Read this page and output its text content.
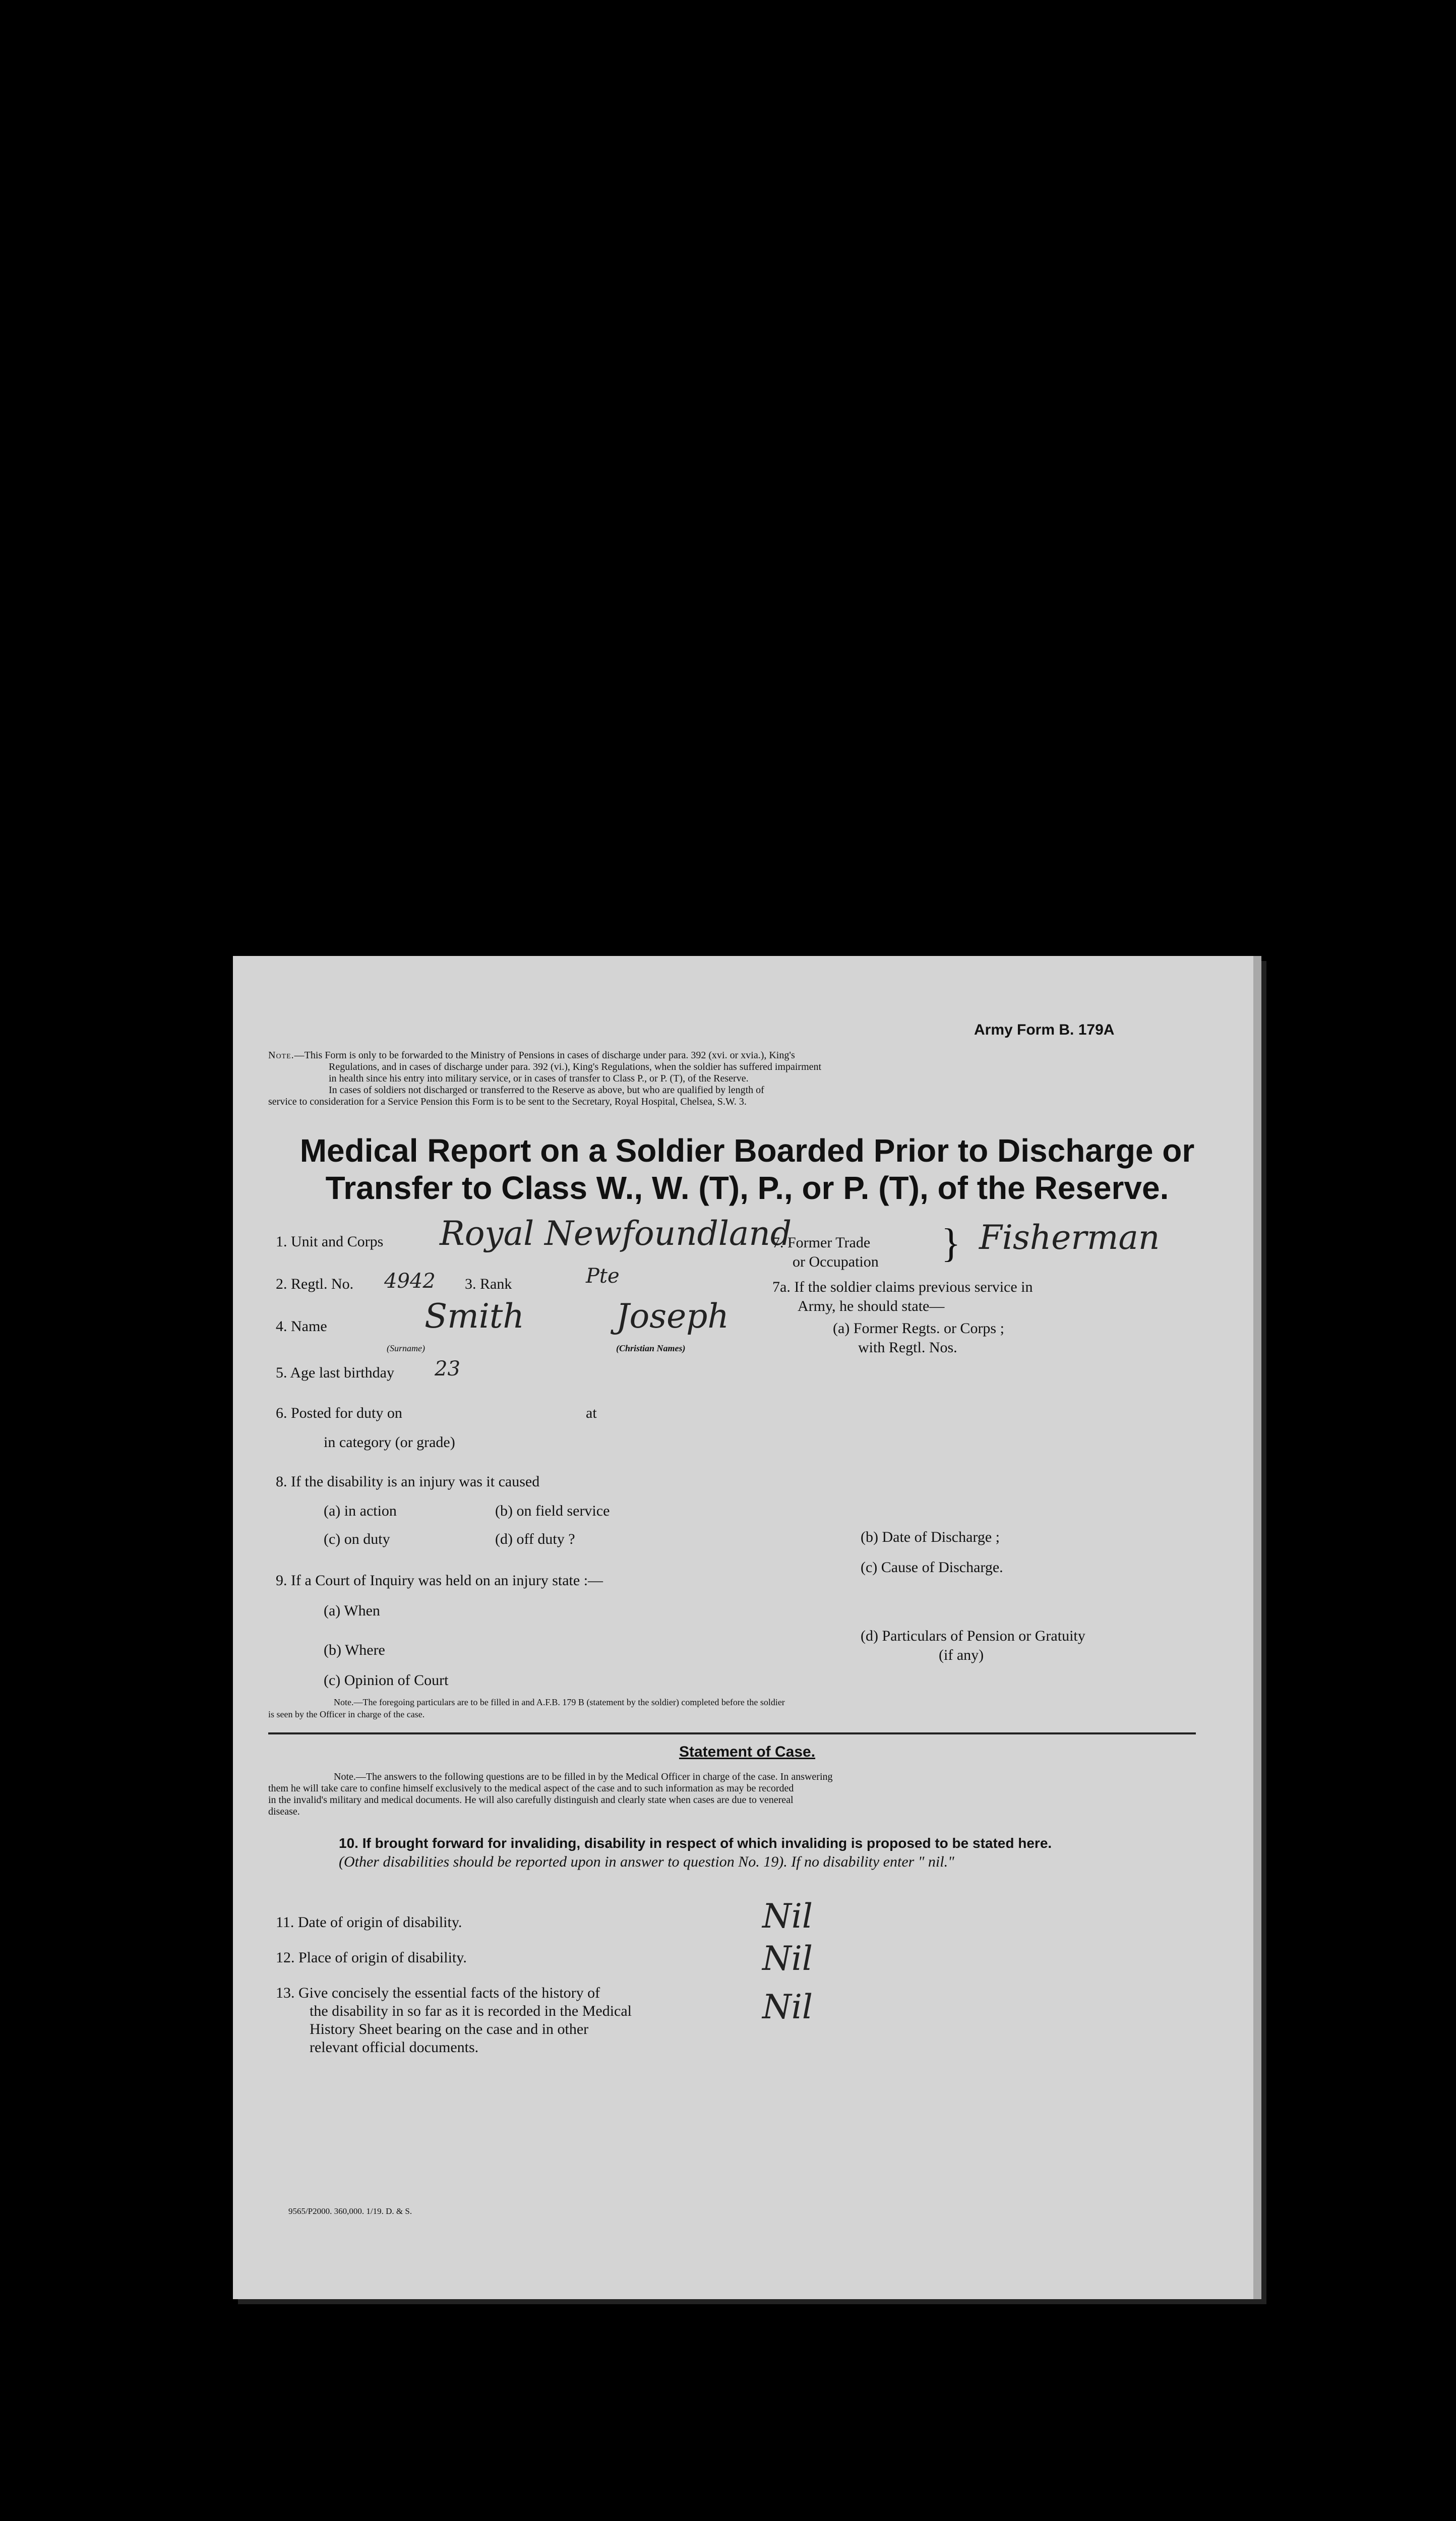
Army Form B. 179A

Note.—This Form is only to be forwarded to the Ministry of Pensions in cases of discharge under para. 392 (xvi. or xvia.), King's

Regulations, and in cases of discharge under para. 392 (vi.), King's Regulations, when the soldier has suffered impairment

in health since his entry into military service, or in cases of transfer to Class P., or P. (T), of the Reserve.

In cases of soldiers not discharged or transferred to the Reserve as above, but who are qualified by length of

service to consideration for a Service Pension this Form is to be sent to the Secretary, Royal Hospital, Chelsea, S.W. 3.

Medical Report on a Soldier Boarded Prior to Discharge or
Transfer to Class W., W. (T), P., or P. (T), of the Reserve.
1. Unit and Corps Royal Newfoundland
2. Regtl. No. 4942 3. Rank	Pte
4. Name	Smith	Joseph
(Surname)	(Christian Names)
5. Age last birthday 23
6. Posted for duty on	at
in category (or grade)
8. If the disability is an injury was it caused
(a) in action	(b) on field service
(c) on duty	(d) off duty ?
9. If a Court of Inquiry was held on an injury state :—
(a) When
(b) Where
(c) Opinion of Court
7. Former Trade
or Occupation } Fisherman
7a. If the soldier claims previous service in
Army, he should state—
(a) Former Regts. or Corps ;
with Regtl. Nos.
(b) Date of Discharge ;
(c) Cause of Discharge.
(d) Particulars of Pension or Gratuity
(if any)
Note.—The foregoing particulars are to be filled in and A.F.B. 179 B (statement by the soldier) completed before the soldier
is seen by the Officer in charge of the case.
Statement of Case.
Note.—The answers to the following questions are to be filled in by the Medical Officer in charge of the case. In answering
them he will take care to confine himself exclusively to the medical aspect of the case and to such information as may be recorded
in the invalid's military and medical documents. He will also carefully distinguish and clearly state when cases are due to venereal
disease.
10. If brought forward for invaliding, disability in respect of which invaliding is proposed to be stated here.
(Other disabilities should be reported upon in answer to question No. 19). If no disability enter " nil."
11. Date of origin of disability.	Nil
12. Place of origin of disability.	Nil
13. Give concisely the essential facts of the history of
the disability in so far as it is recorded in the Medical
History Sheet bearing on the case and in other
relevant official documents.
Nil
9565/P2000. 360,000. 1/19. D. & S.
